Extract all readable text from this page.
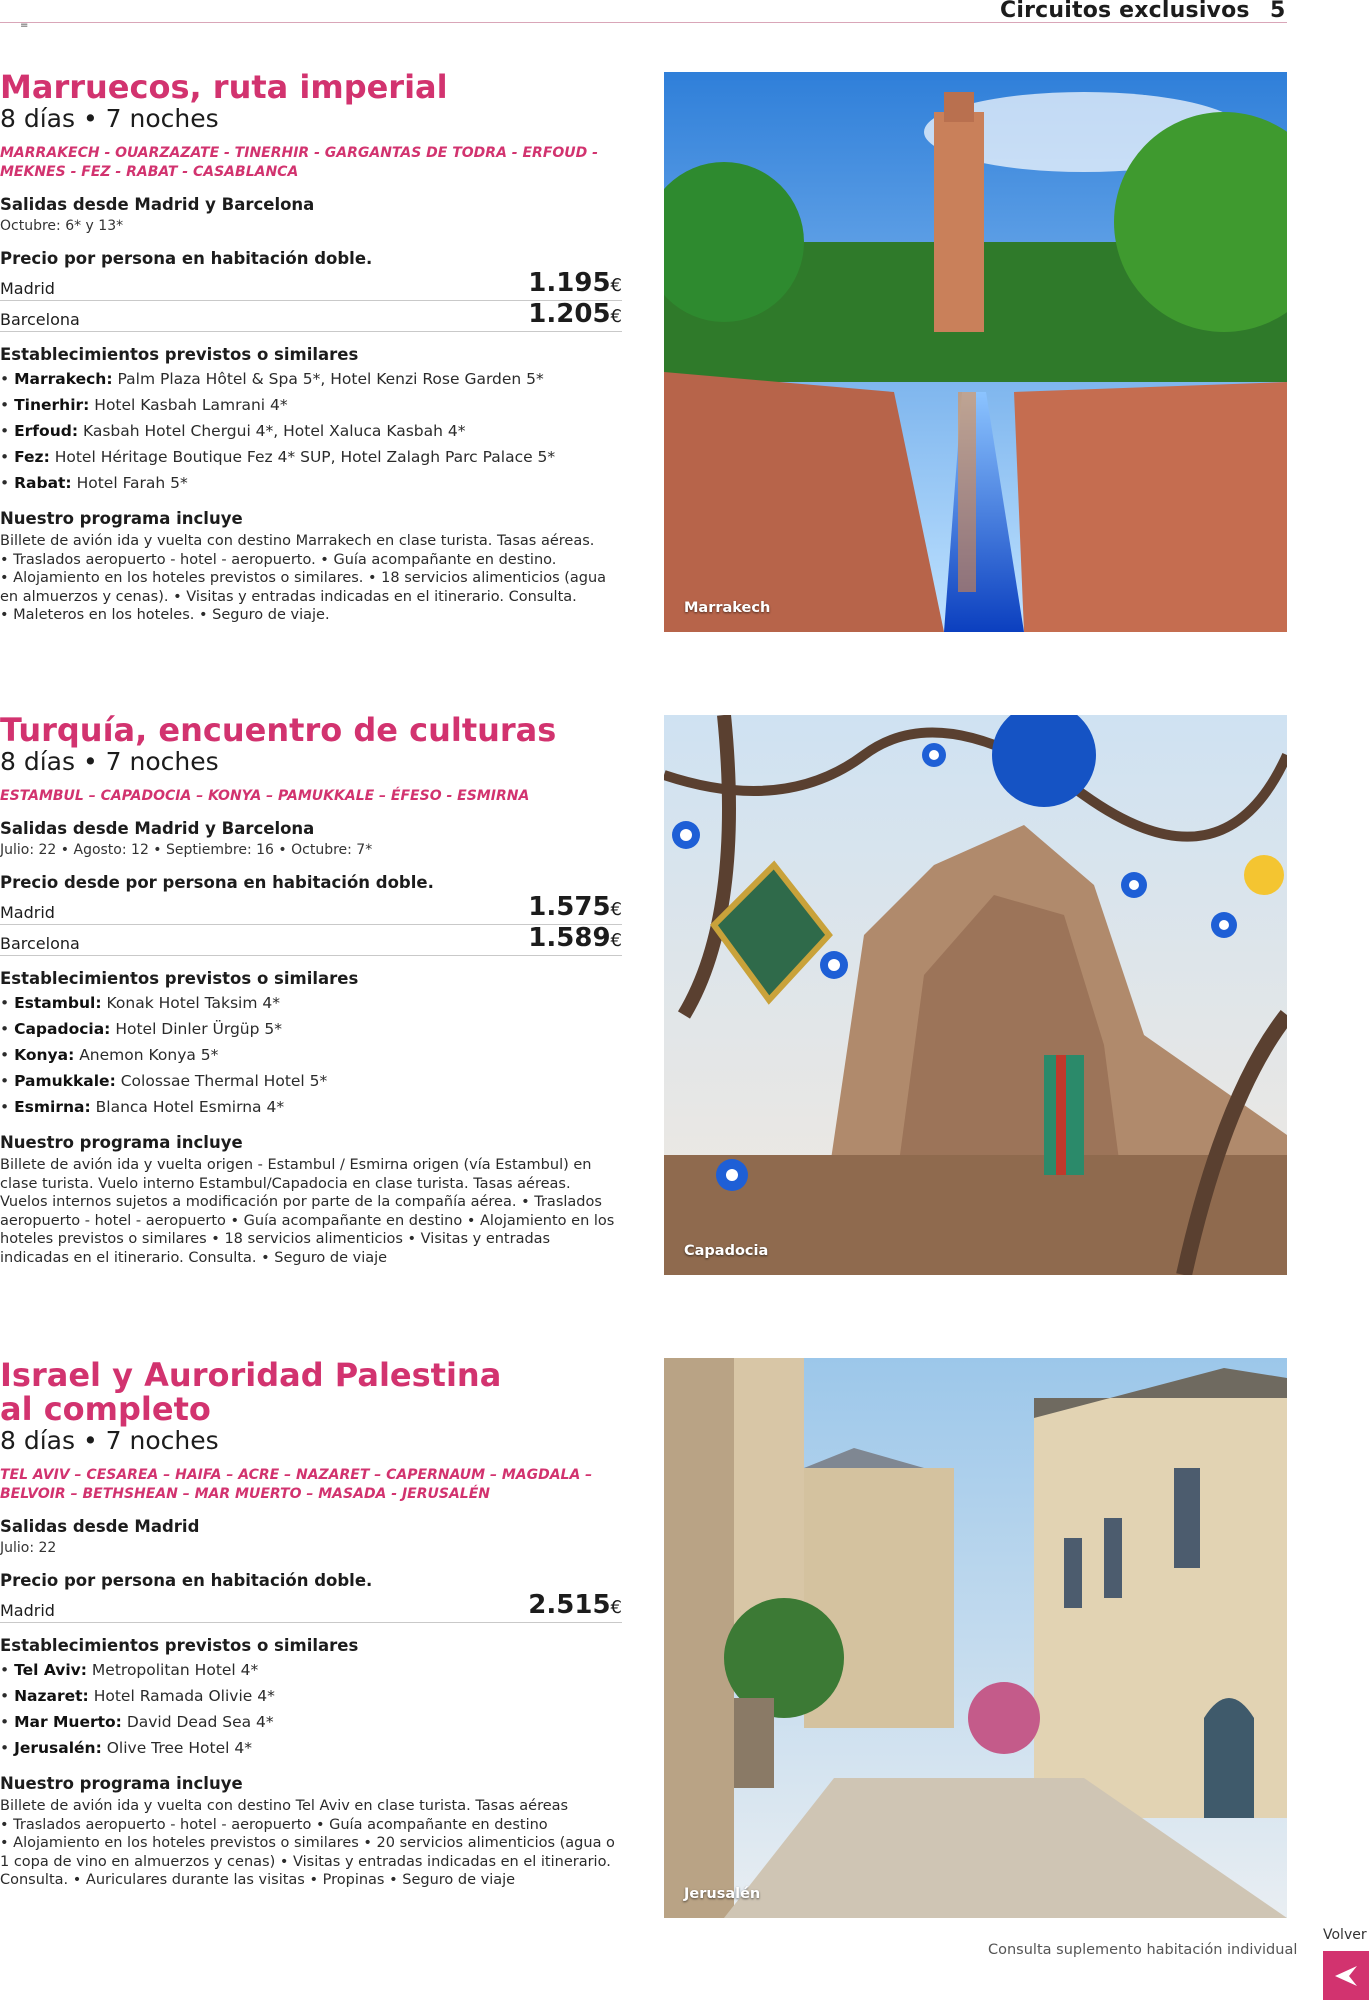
=
Circuitos exclusivos 5
Marruecos, ruta imperial
8 días • 7 noches
MARRAKECH - OUARZAZATE - TINERHIR - GARGANTAS DE TODRA - ERFOUD - MEKNES - FEZ - RABAT - CASABLANCA
Salidas desde Madrid y Barcelona
Octubre: 6* y 13*
Precio por persona en habitación doble.
Madrid	1.195€
Barcelona	1.205€
Establecimientos previstos o similares
• Marrakech: Palm Plaza Hôtel & Spa 5*, Hotel Kenzi Rose Garden 5*
• Tinerhir: Hotel Kasbah Lamrani 4*
• Erfoud: Kasbah Hotel Chergui 4*, Hotel Xaluca Kasbah 4*
• Fez: Hotel Héritage Boutique Fez 4* SUP, Hotel Zalagh Parc Palace 5*
• Rabat: Hotel Farah 5*
Nuestro programa incluye
Billete de avión ida y vuelta con destino Marrakech en clase turista. Tasas aéreas.
• Traslados aeropuerto - hotel - aeropuerto. • Guía acompañante en destino.
• Alojamiento en los hoteles previstos o similares. • 18 servicios alimenticios (agua en almuerzos y cenas). • Visitas y entradas indicadas en el itinerario. Consulta.
• Maleteros en los hoteles. • Seguro de viaje.	Marrakech
Turquía, encuentro de culturas
8 días • 7 noches
ESTAMBUL – CAPADOCIA – KONYA – PAMUKKALE – ÉFESO - ESMIRNA
Salidas desde Madrid y Barcelona
Julio: 22 • Agosto: 12 • Septiembre: 16 • Octubre: 7*
Precio desde por persona en habitación doble.
Madrid	1.575€
Barcelona	1.589€
Establecimientos previstos o similares
• Estambul: Konak Hotel Taksim 4*
• Capadocia: Hotel Dinler Ürgüp 5*
• Konya: Anemon Konya 5*
• Pamukkale: Colossae Thermal Hotel 5*
• Esmirna: Blanca Hotel Esmirna 4*
Nuestro programa incluye
Billete de avión ida y vuelta origen - Estambul / Esmirna origen (vía Estambul) en clase turista. Vuelo interno Estambul/Capadocia en clase turista. Tasas aéreas. Vuelos internos sujetos a modificación por parte de la compañía aérea. • Traslados aeropuerto - hotel - aeropuerto • Guía acompañante en destino • Alojamiento en los hoteles previstos o similares • 18 servicios alimenticios • Visitas y entradas indicadas en el itinerario. Consulta. • Seguro de viaje	Capadocia
Israel y Auroridad Palestina al completo
8 días • 7 noches
TEL AVIV – CESAREA – HAIFA – ACRE – NAZARET – CAPERNAUM – MAGDALA – BELVOIR – BETHSHEAN – MAR MUERTO – MASADA - JERUSALÉN
Salidas desde Madrid
Julio: 22
Precio por persona en habitación doble.
Madrid	2.515€
Establecimientos previstos o similares
• Tel Aviv: Metropolitan Hotel 4*
• Nazaret: Hotel Ramada Olivie 4*
• Mar Muerto: David Dead Sea 4*
• Jerusalén: Olive Tree Hotel 4*
Nuestro programa incluye
Billete de avión ida y vuelta con destino Tel Aviv en clase turista. Tasas aéreas
• Traslados aeropuerto - hotel - aeropuerto • Guía acompañante en destino
• Alojamiento en los hoteles previstos o similares • 20 servicios alimenticios (agua o 1 copa de vino en almuerzos y cenas) • Visitas y entradas indicadas en el itinerario. Consulta. • Auriculares durante las visitas • Propinas • Seguro de viaje
Jerusalén
Consulta suplemento habitación individual
Volver
